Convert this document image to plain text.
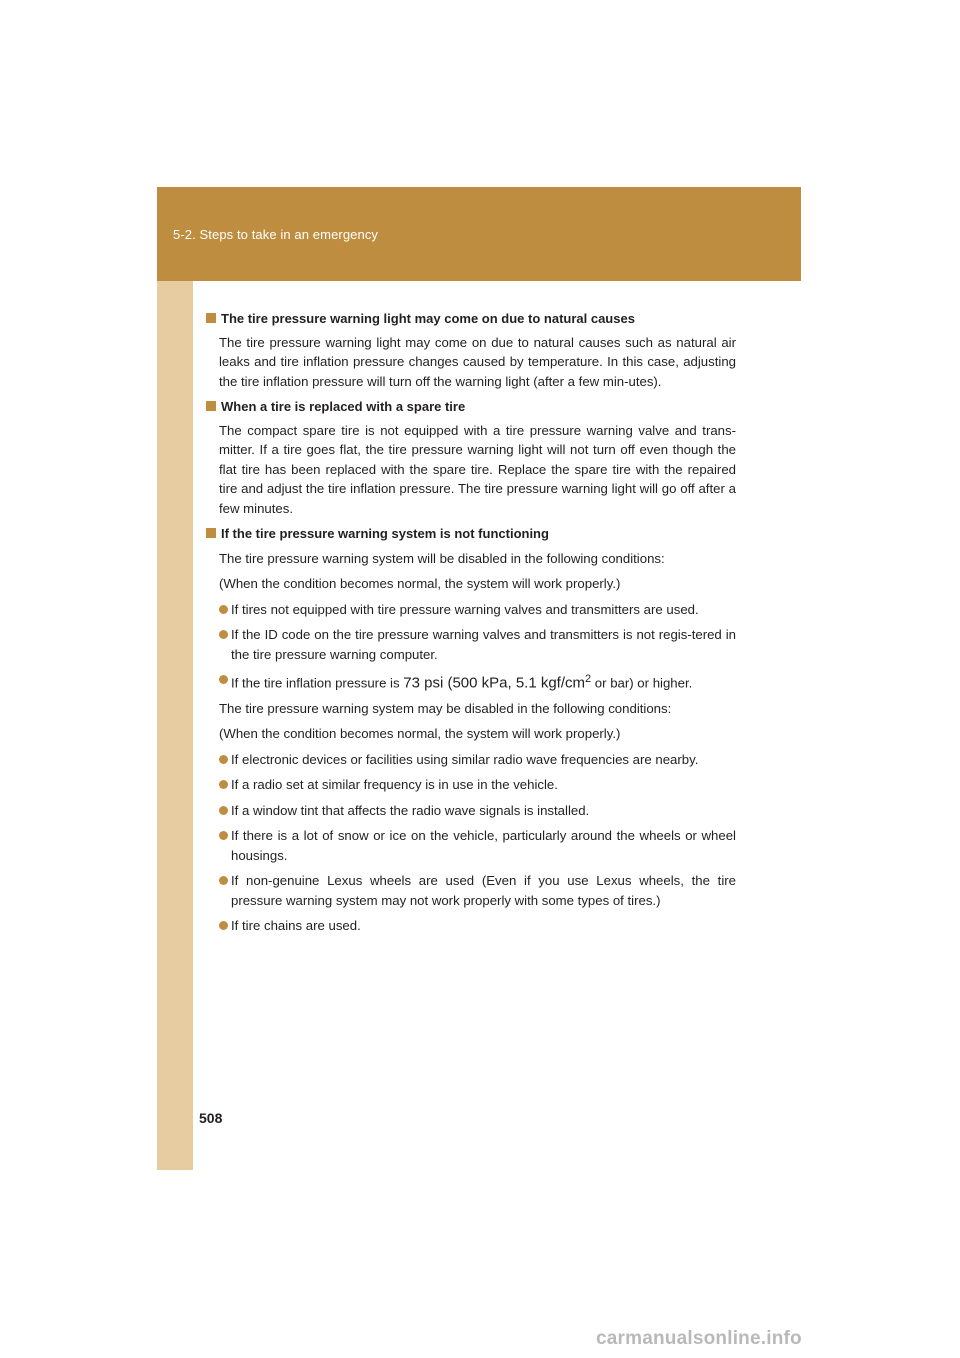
5-2. Steps to take in an emergency
The tire pressure warning light may come on due to natural causes
The tire pressure warning light may come on due to natural causes such as natural air leaks and tire inflation pressure changes caused by temperature. In this case, adjusting the tire inflation pressure will turn off the warning light (after a few min-utes).
When a tire is replaced with a spare tire
The compact spare tire is not equipped with a tire pressure warning valve and trans-mitter. If a tire goes flat, the tire pressure warning light will not turn off even though the flat tire has been replaced with the spare tire. Replace the spare tire with the repaired tire and adjust the tire inflation pressure. The tire pressure warning light will go off after a few minutes.
If the tire pressure warning system is not functioning
The tire pressure warning system will be disabled in the following conditions:
(When the condition becomes normal, the system will work properly.)
If tires not equipped with tire pressure warning valves and transmitters are used.
If the ID code on the tire pressure warning valves and transmitters is not regis-tered in the tire pressure warning computer.
If the tire inflation pressure is 73 psi (500 kPa, 5.1 kgf/$cm^2$ or bar) or higher.
The tire pressure warning system may be disabled in the following conditions:
(When the condition becomes normal, the system will work properly.)
If electronic devices or facilities using similar radio wave frequencies are nearby.
If a radio set at similar frequency is in use in the vehicle.
If a window tint that affects the radio wave signals is installed.
If there is a lot of snow or ice on the vehicle, particularly around the wheels or wheel housings.
If non-genuine Lexus wheels are used (Even if you use Lexus wheels, the tire pressure warning system may not work properly with some types of tires.)
If tire chains are used.
508
carmanualsonline.info
